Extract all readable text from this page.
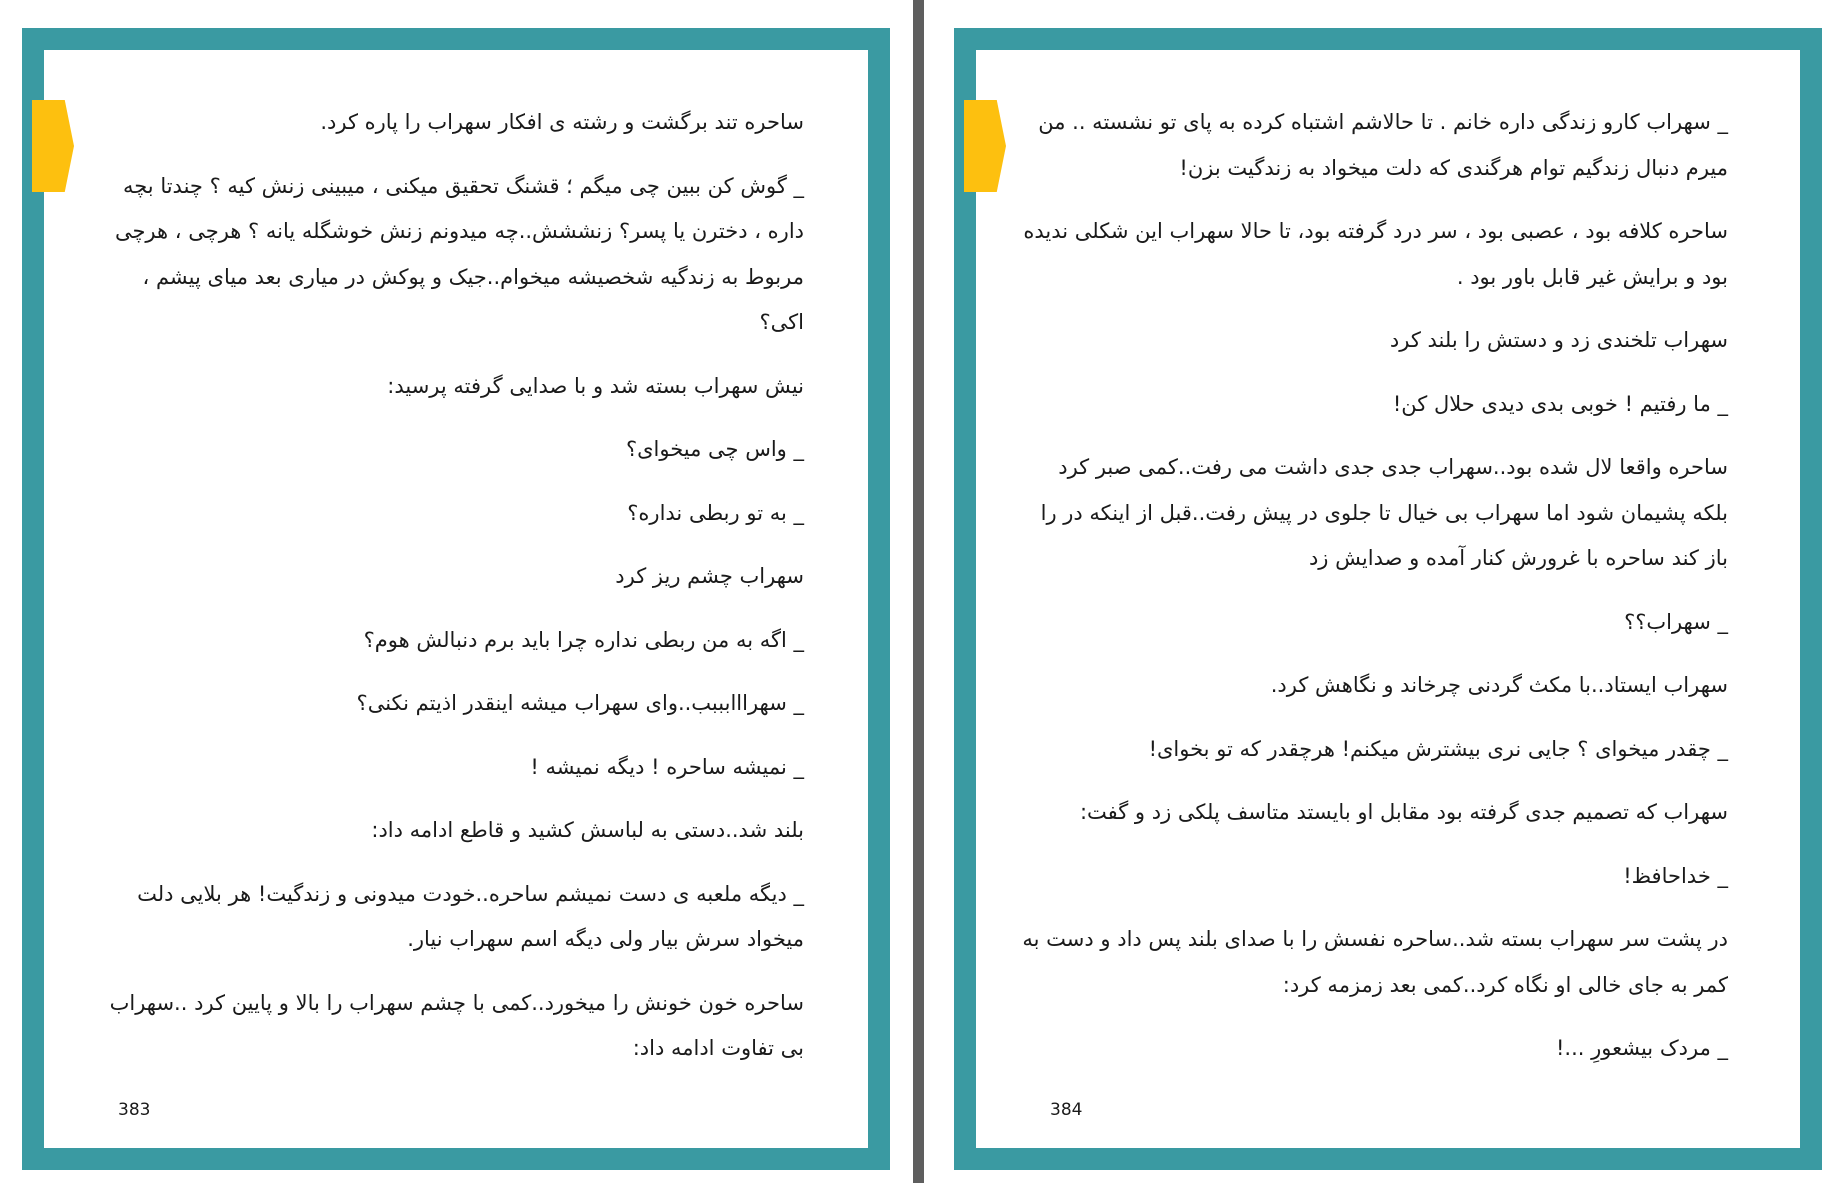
ساحره تند برگشت و رشته ی افکار سهراب را پاره کرد.

_ گوش کن ببین چی میگم ؛ قشنگ تحقیق میکنی ، میبینی زنش کیه ؟ چندتا بچه داره ، دخترن یا پسر؟ زنششش..چه میدونم زنش خوشگله یانه ؟ هرچی ، هرچی مربوط به زندگیه شخصیشه میخوام..جیک و پوکش در میاری بعد میای پیشم ، اکی؟

نیش سهراب بسته شد و با صدایی گرفته پرسید:

_ واس چی میخوای؟

_ به تو ربطی نداره؟

سهراب چشم ریز کرد

_ اگه به من ربطی نداره چرا باید برم دنبالش هوم؟

_ سهرااابببب..وای سهراب میشه اینقدر اذیتم نکنی؟

_ نمیشه ساحره ! دیگه نمیشه !

بلند شد..دستی به لباسش کشید و قاطع ادامه داد:

_ دیگه ملعبه ی دست نمیشم ساحره..خودت میدونی و زندگیت! هر بلایی دلت میخواد سرش بیار ولی دیگه اسم سهراب نیار.

ساحره خون خونش را میخورد..کمی با چشم سهراب را بالا و پایین کرد ..سهراب بی تفاوت ادامه داد:

383

_ سهراب کارو زندگی داره خانم . تا حالاشم اشتباه کرده به پای تو نشسته .. من میرم دنبال زندگیم توام هرگندی که دلت میخواد به زندگیت بزن!

ساحره کلافه بود ، عصبی بود ، سر درد گرفته بود، تا حالا سهراب این شکلی ندیده بود و برایش غیر قابل باور بود .

سهراب تلخندی زد و دستش را بلند کرد

_ ما رفتیم ! خوبی بدی دیدی حلال کن!

ساحره واقعا لال شده بود..سهراب جدی جدی داشت می رفت..کمی صبر کرد بلکه پشیمان شود اما سهراب بی خیال تا جلوی در پیش رفت..قبل از اینکه در را باز کند ساحره با غرورش کنار آمده و صدایش زد

_ سهراب؟؟

سهراب ایستاد..با مکث گردنی چرخاند و نگاهش کرد.

_ چقدر میخوای ؟ جایی نری بیشترش میکنم! هرچقدر که تو بخوای!

سهراب که تصمیم جدی گرفته بود مقابل او بایستد متاسف پلکی زد و گفت:

_ خداحافظ!

در پشت سر سهراب بسته شد..ساحره نفسش را با صدای بلند پس داد و دست به کمر به جای خالی او نگاه کرد..کمی بعد زمزمه کرد:

_ مردک بیشعورِ ...!

384
